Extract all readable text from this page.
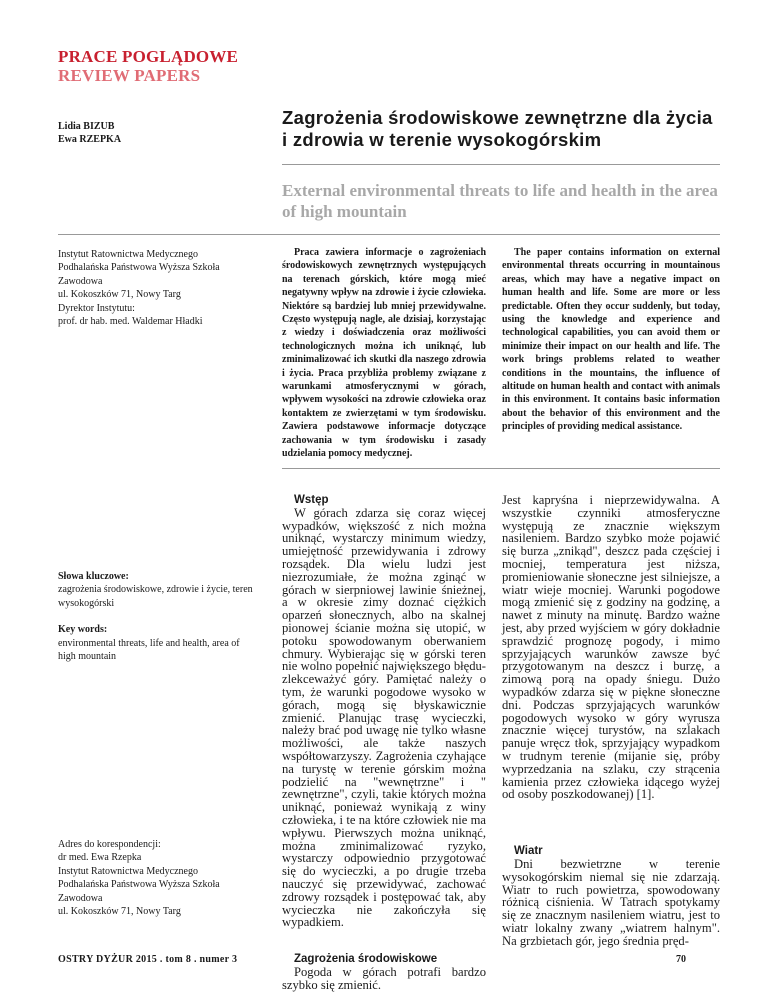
PRACE POGLĄDOWE
REVIEW PAPERS
Lidia BIZUB
Ewa RZEPKA
Zagrożenia środowiskowe zewnętrzne dla życia i zdrowia w terenie wysokogórskim
External environmental threats to life and health in the area of high mountain
Instytut Ratownictwa Medycznego
Podhalańska Państwowa Wyższa Szkoła
Zawodowa
ul. Kokoszków 71, Nowy Targ
Dyrektor Instytutu:
prof. dr hab. med. Waldemar Hładki
Praca zawiera informacje o zagrożeniach środowiskowych zewnętrznych występujących na terenach górskich, które mogą mieć negatywny wpływ na zdrowie i życie człowieka. Niektóre są bardziej lub mniej przewidywalne. Często występują nagle, ale dzisiaj, korzystając z wiedzy i doświadczenia oraz możliwości technologicznych można ich uniknąć, lub zminimalizować ich skutki dla naszego zdrowia i życia. Praca przybliża problemy związane z warunkami atmosferycznymi w górach, wpływem wysokości na zdrowie człowieka oraz kontaktem ze zwierzętami w tym środowisku. Zawiera podstawowe informacje dotyczące zachowania w tym środowisku i zasady udzielania pomocy medycznej.
The paper contains information on external environmental threats occurring in mountainous areas, which may have a negative impact on human health and life. Some are more or less predictable. Often they occur suddenly, but today, using the knowledge and experience and technological capabilities, you can avoid them or minimize their impact on our health and life. The work brings problems related to weather conditions in the mountains, the influence of altitude on human health and contact with animals in this environment. It contains basic information about the behavior of this environment and the principles of providing medical assistance.
Słowa kluczowe:
zagrożenia środowiskowe, zdrowie i życie, teren wysokogórski
Key words:
environmental threats, life and health, area of high mountain
Adres do korespondencji:
dr med. Ewa Rzepka
Instytut Ratownictwa Medycznego
Podhalańska Państwowa Wyższa Szkoła
Zawodowa
ul. Kokoszków 71, Nowy Targ
Wstęp
W górach zdarza się coraz więcej wypadków, większość z nich można uniknąć, wystarczy minimum wiedzy, umiejętność przewidywania i zdrowy rozsądek. Dla wielu ludzi jest niezrozumiałe, że można zginąć w górach w sierpniowej lawinie śnieżnej, a w okresie zimy doznać ciężkich oparzeń słonecznych, albo na skalnej pionowej ścianie można się utopić, w potoku spowodowanym oberwaniem chmury. Wybierając się w górski teren nie wolno popełnić największego błędu- zlekceważyć góry. Pamiętać należy o tym, że warunki pogodowe wysoko w górach, mogą się błyskawicznie zmienić. Planując trasę wycieczki, należy brać pod uwagę nie tylko własne możliwości, ale także naszych współtowarzyszy. Zagrożenia czyhające na turystę w terenie górskim można podzielić na "wewnętrzne" i " zewnętrzne", czyli, takie których można uniknąć, ponieważ wynikają z winy człowieka, i te na które człowiek nie ma wpływu. Pierwszych można uniknąć, można zminimalizować ryzyko, wystarczy odpowiednio przygotować się do wycieczki, a po drugie trzeba nauczyć się przewidywać, zachować zdrowy rozsądek i postępować tak, aby wycieczka nie zakończyła się wypadkiem.
Zagrożenia środowiskowe
Pogoda w górach potrafi bardzo szybko się zmienić.
Jest kapryśna i nieprzewidywalna. A wszystkie czynniki atmosferyczne występują ze znacznie większym nasileniem. Bardzo szybko może pojawić się burza „znikąd", deszcz pada częściej i mocniej, temperatura jest niższa, promieniowanie słoneczne jest silniejsze, a wiatr wieje mocniej. Warunki pogodowe mogą zmienić się z godziny na godzinę, a nawet z minuty na minutę. Bardzo ważne jest, aby przed wyjściem w góry dokładnie sprawdzić prognozę pogody, i mimo sprzyjających warunków zawsze być przygotowanym na deszcz i burzę, a zimową porą na opady śniegu. Dużo wypadków zdarza się w piękne słoneczne dni. Podczas sprzyjających warunków pogodowych wysoko w góry wyrusza znacznie więcej turystów, na szlakach panuje wręcz tłok, sprzyjający wypadkom w trudnym terenie (mijanie się, próby wyprzedzania na szlaku, czy strącenia kamienia przez człowieka idącego wyżej od osoby poszkodowanej) [1].
Wiatr
Dni bezwietrzne w terenie wysokogórskim niemal się nie zdarzają. Wiatr to ruch powietrza, spowodowany różnicą ciśnienia. W Tatrach spotykamy się ze znacznym nasileniem wiatru, jest to wiatr lokalny zwany „wiatrem halnym". Na grzbietach gór, jego średnia pręd-
OSTRY DYŻUR 2015 . tom 8 . numer 3	70
